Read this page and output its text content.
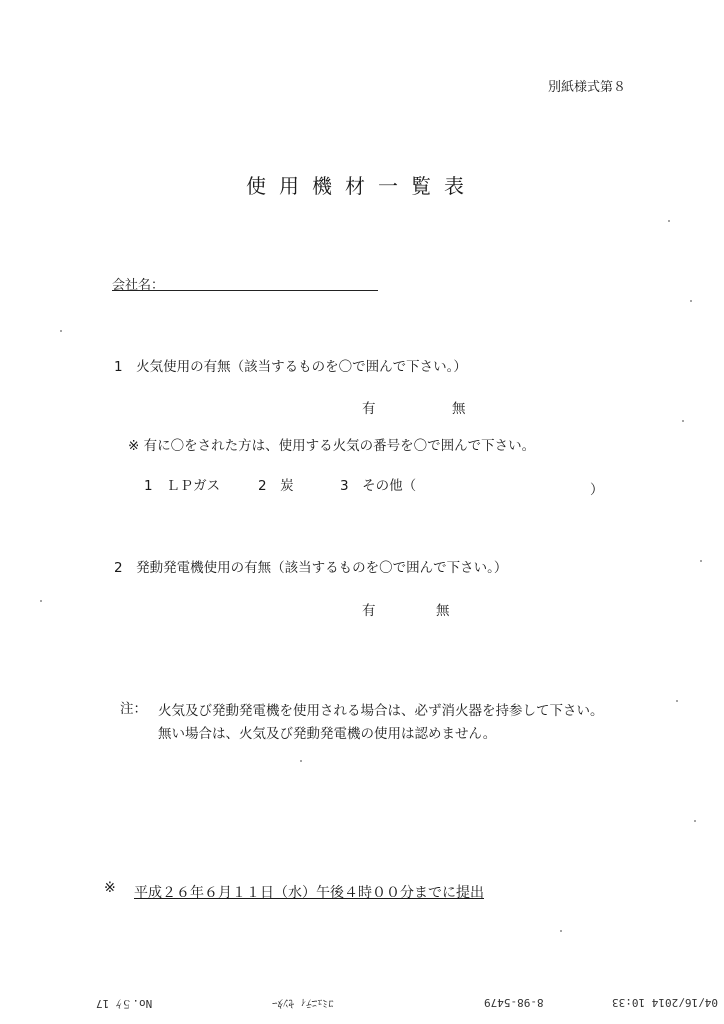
別紙様式第８
使用機材一覧表
会社名：
1　火気使用の有無（該当するものを〇で囲んで下さい。）
有	無
※ 有に〇をされた方は、使用する火気の番号を〇で囲んで下さい。
1　ＬＰガス	2　炭	3　その他（	）
2　発動発電機使用の有無（該当するものを〇で囲んで下さい。）
有	無
注： 火気及び発動発電機を使用される場合は、必ず消火器を持参して下さい。
無い場合は、火気及び発動発電機の使用は認めません。
※ 平成２６年６月１１日（水）午後４時００分までに提出
No.５ｹ 17	ｺﾐｭﾆﾃｨ ｾﾝﾀｰ	8-98-5479	04/16/2014 10:33
